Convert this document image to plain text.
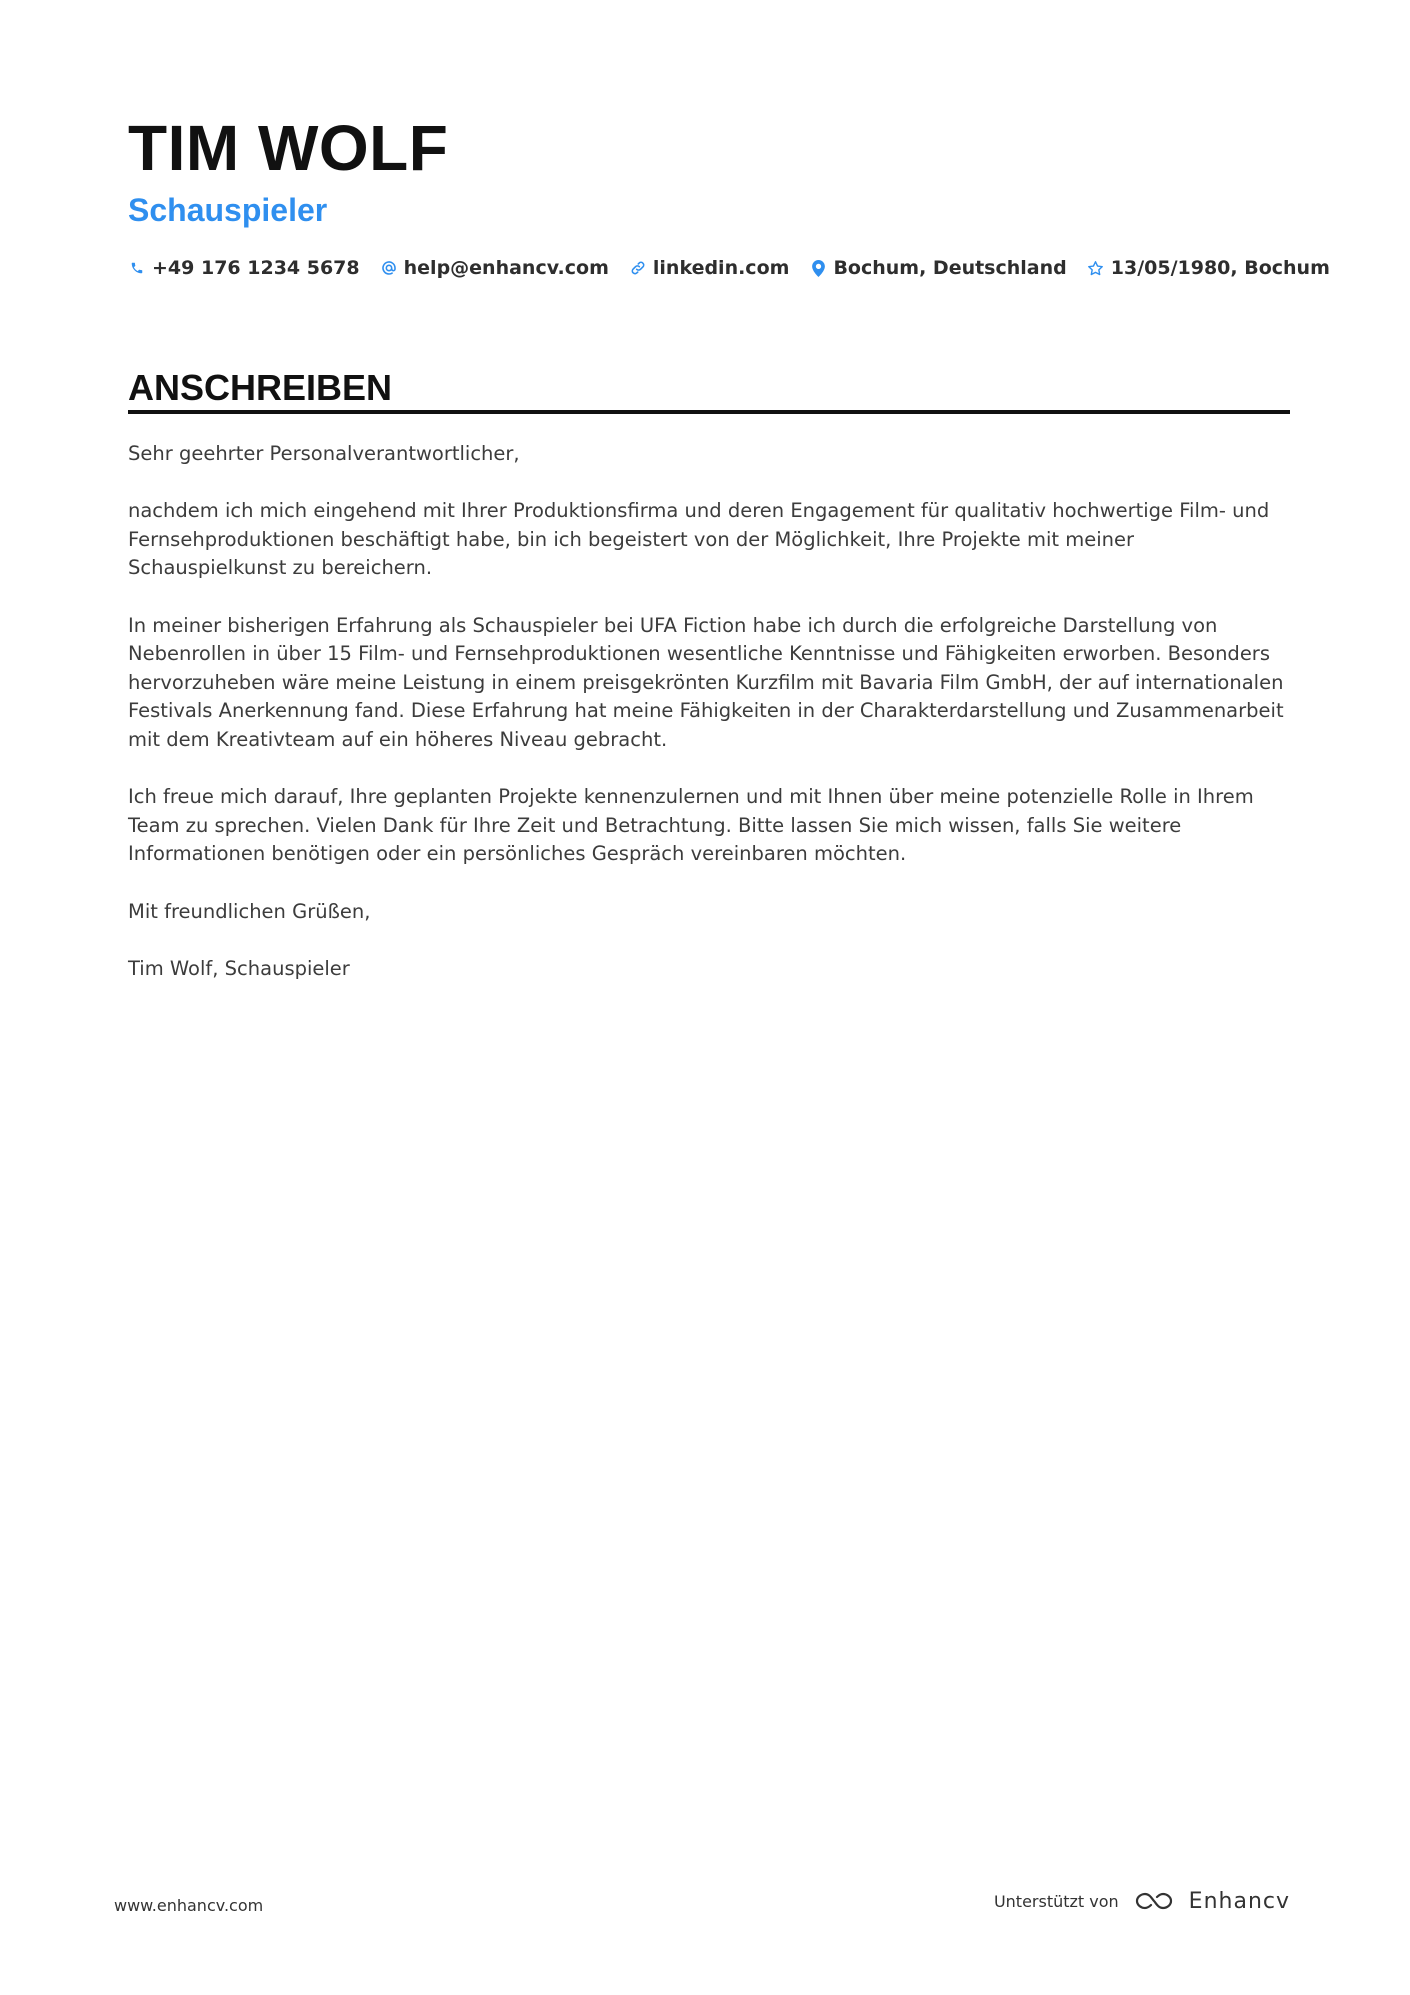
TIM WOLF
Schauspieler
+49 176 1234 5678 help@enhancv.com linkedin.com Bochum, Deutschland 13/05/1980, Bochum
ANSCHREIBEN

Sehr geehrter Personalverantwortlicher,

nachdem ich mich eingehend mit Ihrer Produktionsfirma und deren Engagement für qualitativ hochwertige Film- und Fernsehproduktionen beschäftigt habe, bin ich begeistert von der Möglichkeit, Ihre Projekte mit meiner Schauspielkunst zu bereichern.

In meiner bisherigen Erfahrung als Schauspieler bei UFA Fiction habe ich durch die erfolgreiche Darstellung von Nebenrollen in über 15 Film- und Fernsehproduktionen wesentliche Kenntnisse und Fähigkeiten erworben. Besonders hervorzuheben wäre meine Leistung in einem preisgekrönten Kurzfilm mit Bavaria Film GmbH, der auf internationalen Festivals Anerkennung fand. Diese Erfahrung hat meine Fähigkeiten in der Charakterdarstellung und Zusammenarbeit mit dem Kreativteam auf ein höheres Niveau gebracht.

Ich freue mich darauf, Ihre geplanten Projekte kennenzulernen und mit Ihnen über meine potenzielle Rolle in Ihrem Team zu sprechen. Vielen Dank für Ihre Zeit und Betrachtung. Bitte lassen Sie mich wissen, falls Sie weitere Informationen benötigen oder ein persönliches Gespräch vereinbaren möchten.

Mit freundlichen Grüßen,

Tim Wolf, Schauspieler

www.enhancv.com	Unterstützt von	Enhancv
